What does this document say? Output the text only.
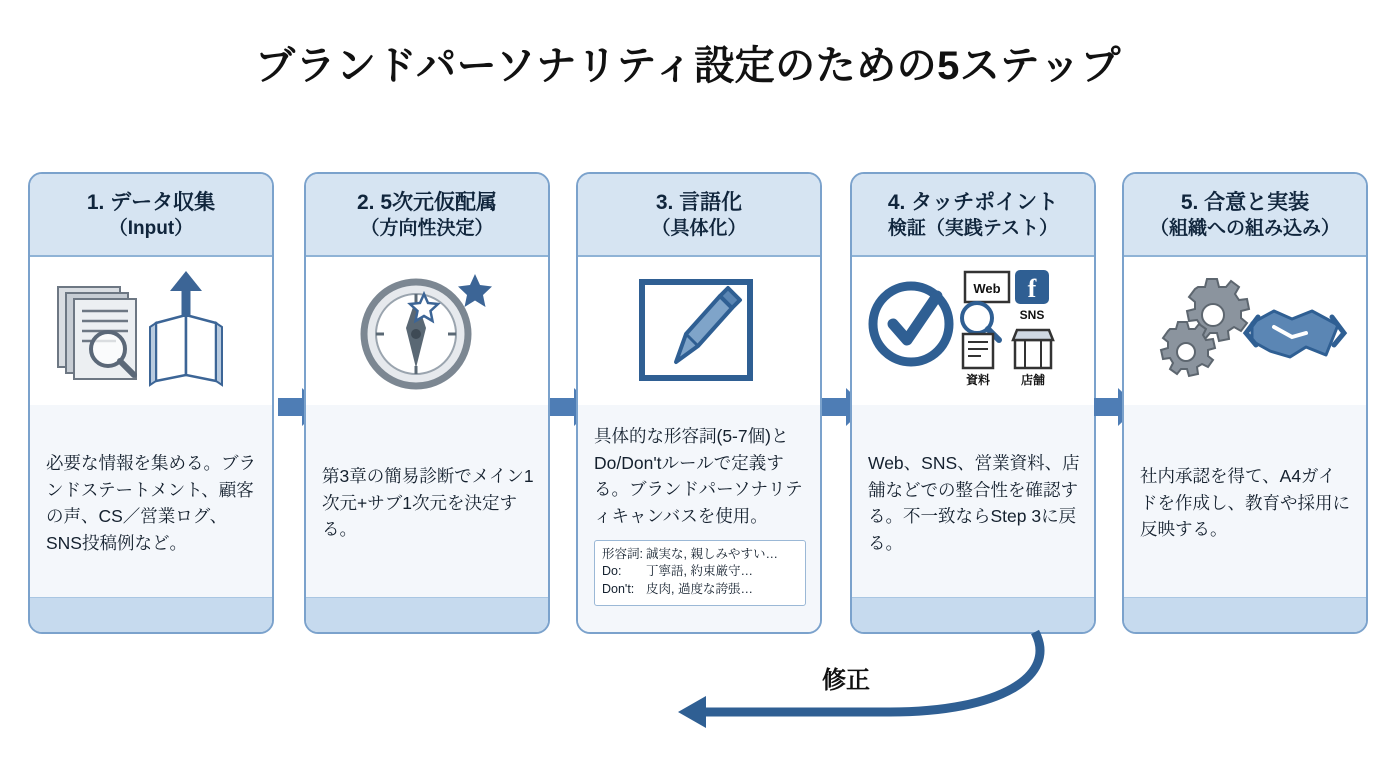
ブランドパーソナリティ設定のための5ステップ
1. データ収集
（Input）
必要な情報を集める。ブランドステートメント、顧客の声、CS／営業ログ、SNS投稿例など。
2. 5次元仮配属
（方向性決定）
第3章の簡易診断でメイン1次元+サブ1次元を決定する。
3. 言語化
（具体化）
具体的な形容詞(5-7個)とDo/Don'tルールで定義する。ブランドパーソナリティキャンバスを使用。
形容詞: 誠実な, 親しみやすい…
Do: 丁寧語, 約束厳守…
Don't: 皮肉, 過度な誇張…
4. タッチポイント
検証（実践テスト）
Web f
SNS
資料	店舗
Web、SNS、営業資料、店舗などでの整合性を確認する。不一致ならStep 3に戻る。
5. 合意と実装
（組織への組み込み）
社内承認を得て、A4ガイドを作成し、教育や採用に反映する。
修正
